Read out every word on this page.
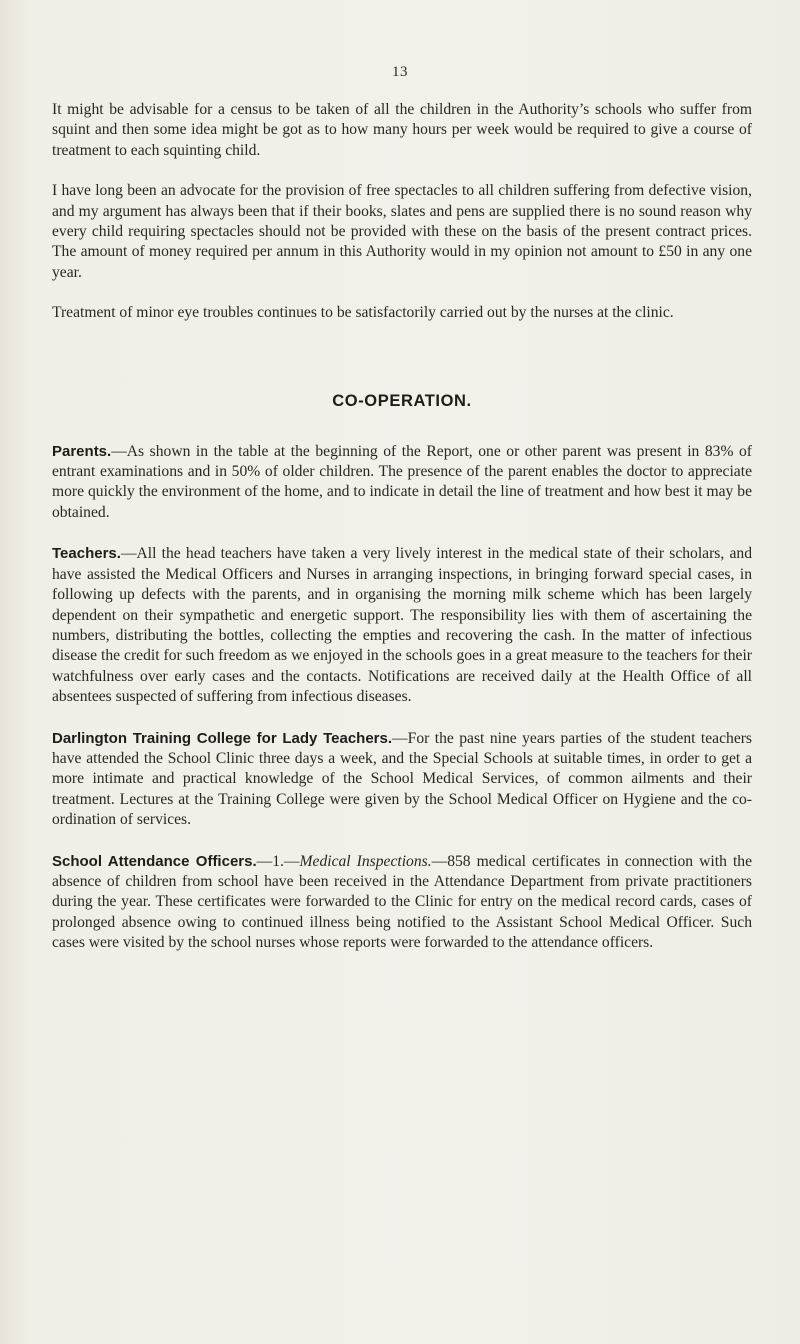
13

It might be advisable for a census to be taken of all the children in the Authority’s schools who suffer from squint and then some idea might be got as to how many hours per week would be required to give a course of treatment to each squinting child.

I have long been an advocate for the provision of free spectacles to all children suffering from defective vision, and my argument has always been that if their books, slates and pens are supplied there is no sound reason why every child requiring spectacles should not be provided with these on the basis of the present contract prices. The amount of money required per annum in this Authority would in my opinion not amount to £50 in any one year.

Treatment of minor eye troubles continues to be satisfactorily carried out by the nurses at the clinic.

CO-OPERATION.

Parents.—As shown in the table at the beginning of the Report, one or other parent was present in 83% of entrant examinations and in 50% of older children. The presence of the parent enables the doctor to appreciate more quickly the environment of the home, and to indicate in detail the line of treatment and how best it may be obtained.

Teachers.—All the head teachers have taken a very lively interest in the medical state of their scholars, and have assisted the Medical Officers and Nurses in arranging inspections, in bringing forward special cases, in following up defects with the parents, and in organising the morning milk scheme which has been largely dependent on their sympathetic and energetic support. The responsibility lies with them of ascertaining the numbers, distributing the bottles, collecting the empties and recovering the cash. In the matter of infectious disease the credit for such freedom as we enjoyed in the schools goes in a great measure to the teachers for their watchfulness over early cases and the contacts. Notifications are received daily at the Health Office of all absentees suspected of suffering from infectious diseases.

Darlington Training College for Lady Teachers.—For the past nine years parties of the student teachers have attended the School Clinic three days a week, and the Special Schools at suitable times, in order to get a more intimate and practical knowledge of the School Medical Services, of common ailments and their treatment. Lectures at the Training College were given by the School Medical Officer on Hygiene and the co-ordination of services.

School Attendance Officers.—1.—Medical Inspections.—858 medical certificates in connection with the absence of children from school have been received in the Attendance Department from private practitioners during the year. These certificates were forwarded to the Clinic for entry on the medical record cards, cases of prolonged absence owing to continued illness being notified to the Assistant School Medical Officer. Such cases were visited by the school nurses whose reports were forwarded to the attendance officers.
